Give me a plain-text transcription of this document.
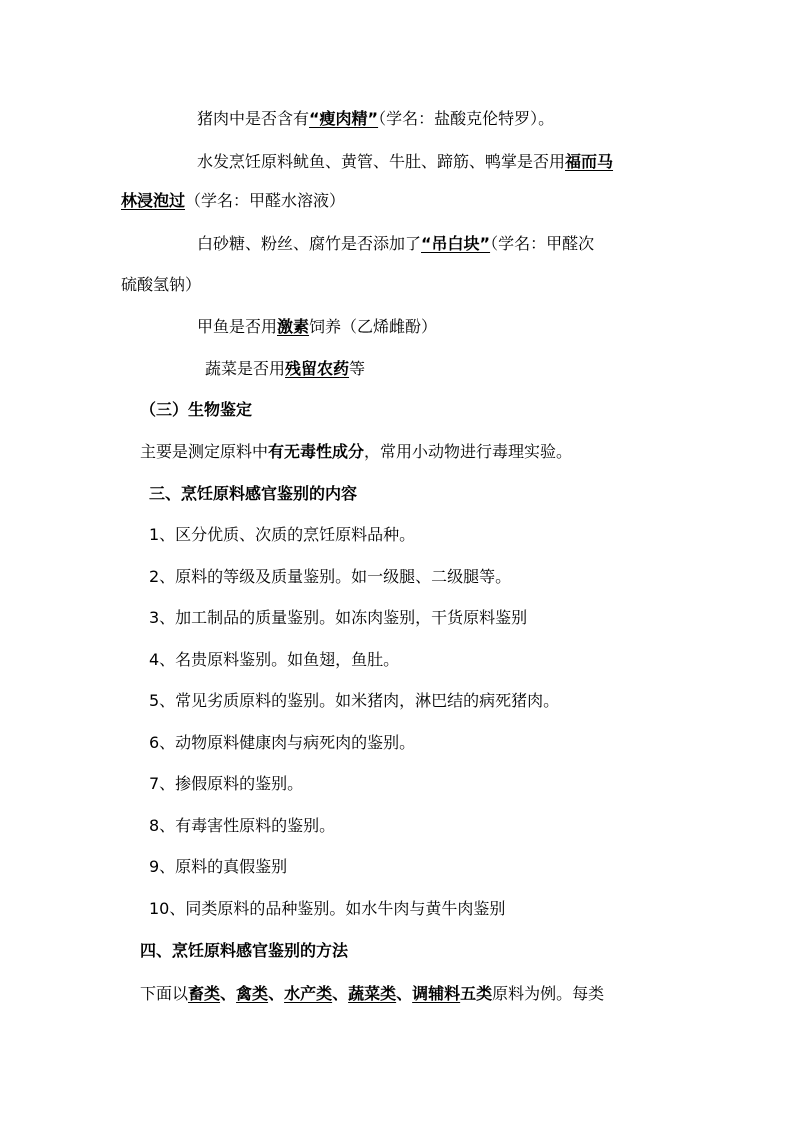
猪肉中是否含有“瘦肉精”（学名：盐酸克伦特罗）。
水发烹饪原料鱿鱼、黄管、牛肚、蹄筋、鸭掌是否用福而马
林浸泡过（学名：甲醛水溶液）
白砂糖、粉丝、腐竹是否添加了“吊白块”（学名：甲醛次
硫酸氢钠）
甲鱼是否用激素饲养（乙烯雌酚）
蔬菜是否用残留农药等
（三）生物鉴定
主要是测定原料中有无毒性成分，常用小动物进行毒理实验。
三、烹饪原料感官鉴别的内容
1、区分优质、次质的烹饪原料品种。
2、原料的等级及质量鉴别。如一级腿、二级腿等。
3、加工制品的质量鉴别。如冻肉鉴别，干货原料鉴别
4、名贵原料鉴别。如鱼翅，鱼肚。
5、常见劣质原料的鉴别。如米猪肉，淋巴结的病死猪肉。
6、动物原料健康肉与病死肉的鉴别。
7、掺假原料的鉴别。
8、有毒害性原料的鉴别。
9、原料的真假鉴别
10、同类原料的品种鉴别。如水牛肉与黄牛肉鉴别
四、烹饪原料感官鉴别的方法
下面以畜类、禽类、水产类、蔬菜类、调辅料五类原料为例。每类
